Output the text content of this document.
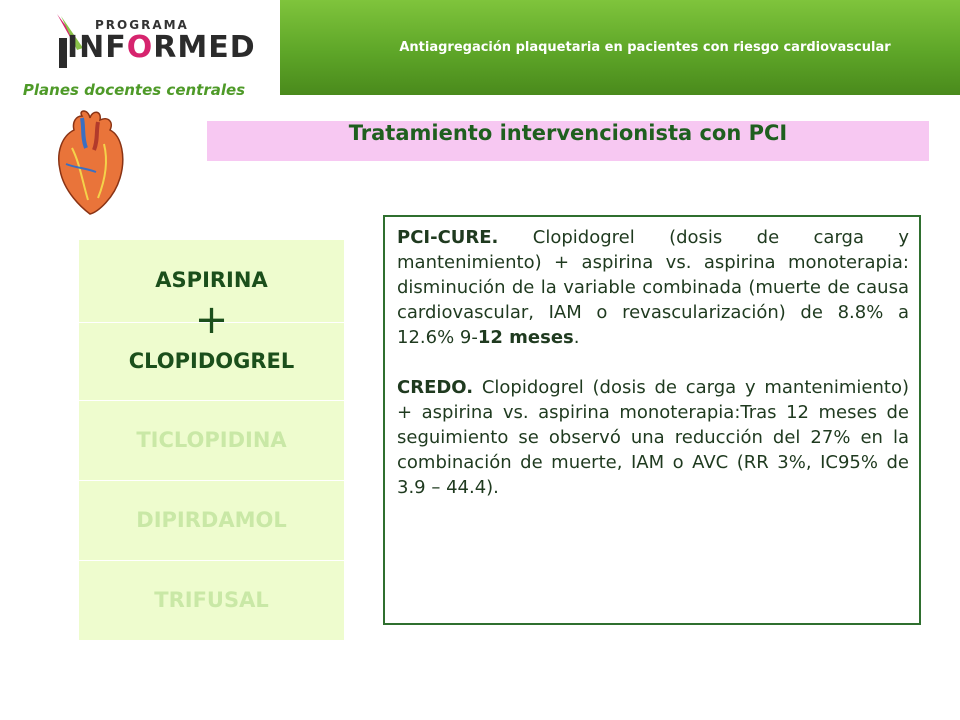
PROGRAMA
INFORMED
Planes docentes centrales
Antiagregación plaquetaria en pacientes con riesgo cardiovascular
Tratamiento intervencionista con PCI
ASPIRINA
+
CLOPIDOGREL
TICLOPIDINA
DIPIRDAMOL
TRIFUSAL

PCI-CURE. Clopidogrel (dosis de carga y mantenimiento) + aspirina vs. aspirina monoterapia: disminución de la variable combinada (muerte de causa cardiovascular, IAM o revascularización) de 8.8% a 12.6% 9-12 meses.

CREDO. Clopidogrel (dosis de carga y mantenimiento) + aspirina vs. aspirina monoterapia:Tras 12 meses de seguimiento se observó una reducción del 27% en la combinación de muerte, IAM o AVC (RR 3%, IC95% de 3.9 – 44.4).
